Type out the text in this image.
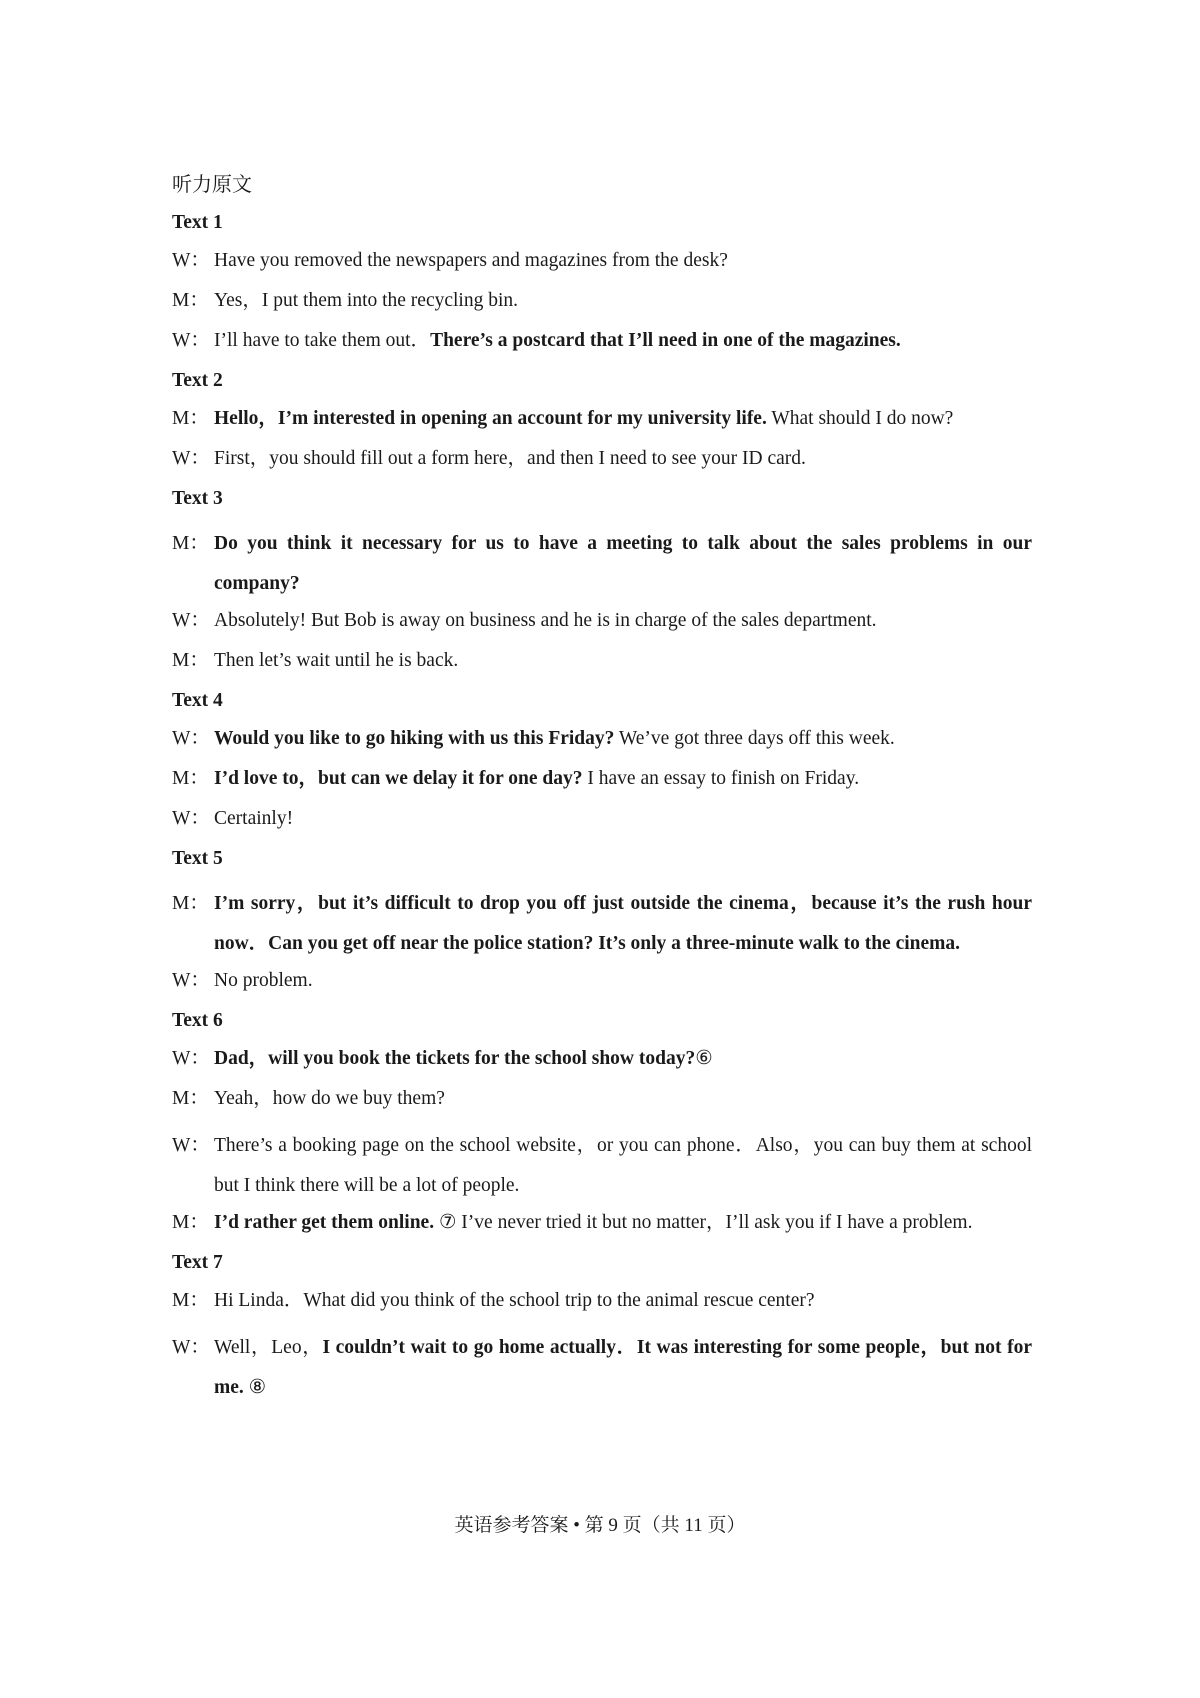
听力原文
Text 1
W： Have you removed the newspapers and magazines from the desk?
M： Yes，I put them into the recycling bin.
W： I’ll have to take them out．There’s a postcard that I’ll need in one of the magazines.
Text 2
M： Hello，I’m interested in opening an account for my university life. What should I do now?
W： First，you should fill out a form here，and then I need to see your ID card.
Text 3
M： Do you think it necessary for us to have a meeting to talk about the sales problems in our company?
W： Absolutely! But Bob is away on business and he is in charge of the sales department.
M： Then let’s wait until he is back.
Text 4
W： Would you like to go hiking with us this Friday? We’ve got three days off this week.
M： I’d love to，but can we delay it for one day? I have an essay to finish on Friday.
W： Certainly!
Text 5
M： I’m sorry，but it’s difficult to drop you off just outside the cinema，because it’s the rush hour now．Can you get off near the police station? It’s only a three-minute walk to the cinema.
W： No problem.
Text 6
W： Dad，will you book the tickets for the school show today?⑥
M： Yeah，how do we buy them?
W： There’s a booking page on the school website，or you can phone．Also，you can buy them at school but I think there will be a lot of people.
M： I’d rather get them online. ⑦ I’ve never tried it but no matter，I’ll ask you if I have a problem.
Text 7
M： Hi Linda．What did you think of the school trip to the animal rescue center?
W： Well，Leo，I couldn’t wait to go home actually．It was interesting for some people，but not for me. ⑧
英语参考答案 • 第 9 页（共 11 页）
